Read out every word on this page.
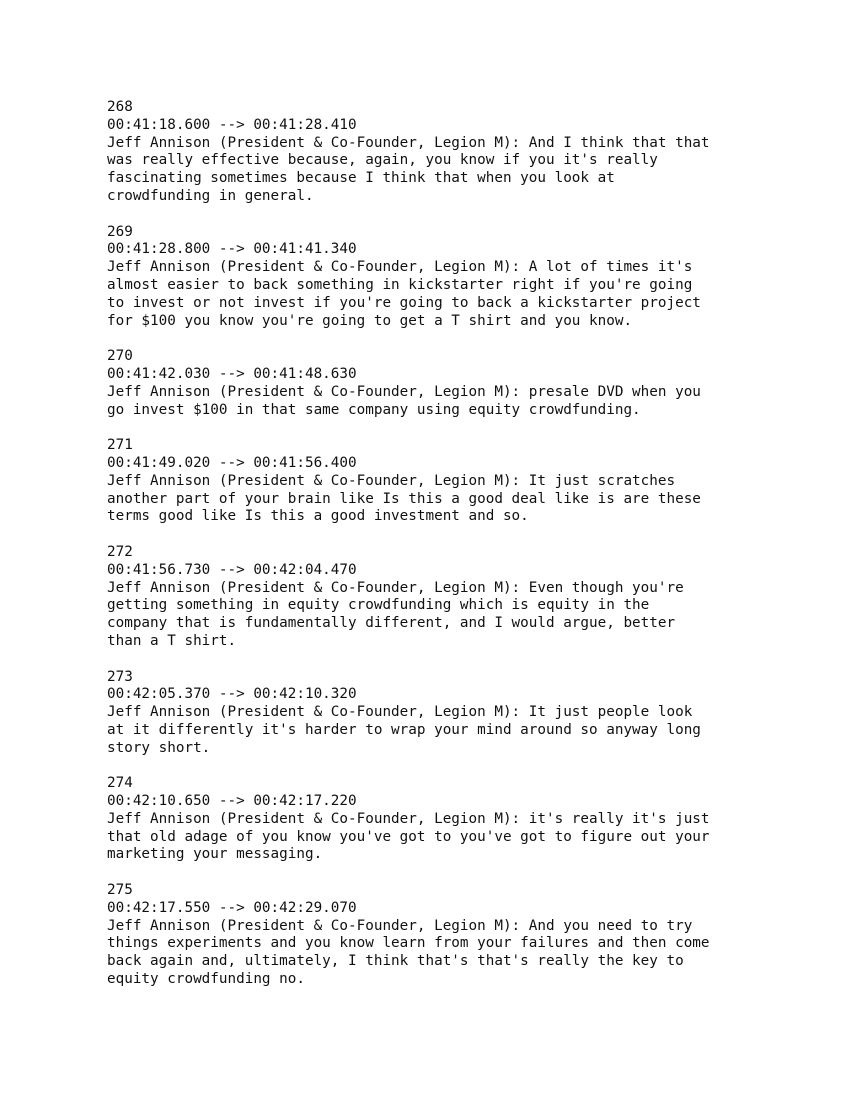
268
00:41:18.600 --> 00:41:28.410
Jeff Annison (President & Co-Founder, Legion M): And I think that that
was really effective because, again, you know if you it's really
fascinating sometimes because I think that when you look at
crowdfunding in general.
269
00:41:28.800 --> 00:41:41.340
Jeff Annison (President & Co-Founder, Legion M): A lot of times it's
almost easier to back something in kickstarter right if you're going
to invest or not invest if you're going to back a kickstarter project
for $100 you know you're going to get a T shirt and you know.
270
00:41:42.030 --> 00:41:48.630
Jeff Annison (President & Co-Founder, Legion M): presale DVD when you
go invest $100 in that same company using equity crowdfunding.
271
00:41:49.020 --> 00:41:56.400
Jeff Annison (President & Co-Founder, Legion M): It just scratches
another part of your brain like Is this a good deal like is are these
terms good like Is this a good investment and so.
272
00:41:56.730 --> 00:42:04.470
Jeff Annison (President & Co-Founder, Legion M): Even though you're
getting something in equity crowdfunding which is equity in the
company that is fundamentally different, and I would argue, better
than a T shirt.
273
00:42:05.370 --> 00:42:10.320
Jeff Annison (President & Co-Founder, Legion M): It just people look
at it differently it's harder to wrap your mind around so anyway long
story short.
274
00:42:10.650 --> 00:42:17.220
Jeff Annison (President & Co-Founder, Legion M): it's really it's just
that old adage of you know you've got to you've got to figure out your
marketing your messaging.
275
00:42:17.550 --> 00:42:29.070
Jeff Annison (President & Co-Founder, Legion M): And you need to try
things experiments and you know learn from your failures and then come
back again and, ultimately, I think that's that's really the key to
equity crowdfunding no.
